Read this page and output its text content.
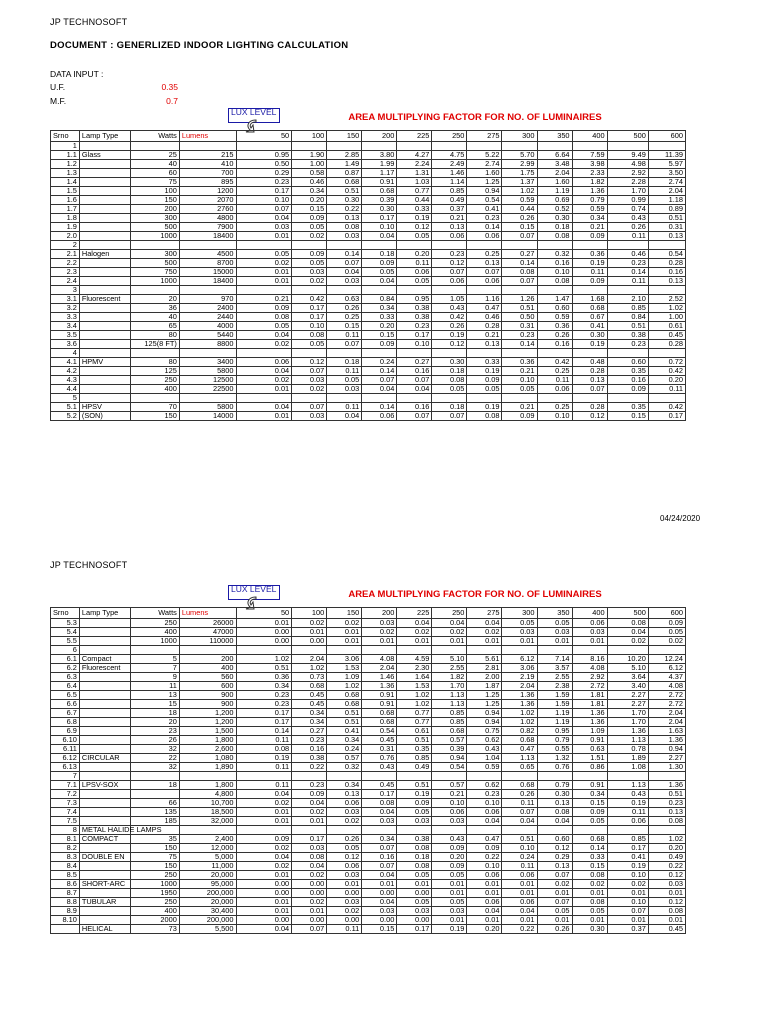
JP TECHNOSOFT
DOCUMENT : GENERLIZED INDOOR LIGHTING CALCULATION
DATA INPUT :
U.F.	0.35
M.F.	0.7
LUX LEVEL	AREA MULTIPLYING FACTOR FOR NO. OF LUMINAIRES
Srno	Lamp Type	Watts	Lumens	50	100	150	200	225	250	275	300	350	400	500	600
1															
1.1	Glass	25	215	0.95	1.90	2.85	3.80	4.27	4.75	5.22	5.70	6.64	7.59	9.49	11.39
1.2		40	410	0.50	1.00	1.49	1.99	2.24	2.49	2.74	2.99	3.48	3.98	4.98	5.97
1.3		60	700	0.29	0.58	0.87	1.17	1.31	1.46	1.60	1.75	2.04	2.33	2.92	3.50
1.4		75	895	0.23	0.46	0.68	0.91	1.03	1.14	1.25	1.37	1.60	1.82	2.28	2.74
1.5		100	1200	0.17	0.34	0.51	0.68	0.77	0.85	0.94	1.02	1.19	1.36	1.70	2.04
1.6		150	2070	0.10	0.20	0.30	0.39	0.44	0.49	0.54	0.59	0.69	0.79	0.99	1.18
1.7		200	2760	0.07	0.15	0.22	0.30	0.33	0.37	0.41	0.44	0.52	0.59	0.74	0.89
1.8		300	4800	0.04	0.09	0.13	0.17	0.19	0.21	0.23	0.26	0.30	0.34	0.43	0.51
1.9		500	7900	0.03	0.05	0.08	0.10	0.12	0.13	0.14	0.15	0.18	0.21	0.26	0.31
2.0		1000	18400	0.01	0.02	0.03	0.04	0.05	0.06	0.06	0.07	0.08	0.09	0.11	0.13
2															
2.1	Halogen	300	4500	0.05	0.09	0.14	0.18	0.20	0.23	0.25	0.27	0.32	0.36	0.46	0.54
2.2		500	8700	0.02	0.05	0.07	0.09	0.11	0.12	0.13	0.14	0.16	0.19	0.23	0.28
2.3		750	15000	0.01	0.03	0.04	0.05	0.06	0.07	0.07	0.08	0.10	0.11	0.14	0.16
2.4		1000	18400	0.01	0.02	0.03	0.04	0.05	0.06	0.06	0.07	0.08	0.09	0.11	0.13
3															
3.1	Fluorescent	20	970	0.21	0.42	0.63	0.84	0.95	1.05	1.16	1.26	1.47	1.68	2.10	2.52
3.2		36	2400	0.09	0.17	0.26	0.34	0.38	0.43	0.47	0.51	0.60	0.68	0.85	1.02
3.3		40	2440	0.08	0.17	0.25	0.33	0.38	0.42	0.46	0.50	0.59	0.67	0.84	1.00
3.4		65	4000	0.05	0.10	0.15	0.20	0.23	0.26	0.28	0.31	0.36	0.41	0.51	0.61
3.5		80	5440	0.04	0.08	0.11	0.15	0.17	0.19	0.21	0.23	0.26	0.30	0.38	0.45
3.6		125(8 FT)	8800	0.02	0.05	0.07	0.09	0.10	0.12	0.13	0.14	0.16	0.19	0.23	0.28
4															
4.1	HPMV	80	3400	0.06	0.12	0.18	0.24	0.27	0.30	0.33	0.36	0.42	0.48	0.60	0.72
4.2		125	5800	0.04	0.07	0.11	0.14	0.16	0.18	0.19	0.21	0.25	0.28	0.35	0.42
4.3		250	12500	0.02	0.03	0.05	0.07	0.07	0.08	0.09	0.10	0.11	0.13	0.16	0.20
4.4		400	22500	0.01	0.02	0.03	0.04	0.04	0.05	0.05	0.05	0.06	0.07	0.09	0.11
5															
5.1	HPSV	70	5800	0.04	0.07	0.11	0.14	0.16	0.18	0.19	0.21	0.25	0.28	0.35	0.42
5.2	(SON)	150	14000	0.01	0.03	0.04	0.06	0.07	0.07	0.08	0.09	0.10	0.12	0.15	0.17
04/24/2020
JP TECHNOSOFT
LUX LEVEL	AREA MULTIPLYING FACTOR FOR NO. OF LUMINAIRES
Srno	Lamp Type	Watts	Lumens	50	100	150	200	225	250	275	300	350	400	500	600
5.3		250	26000	0.01	0.02	0.02	0.03	0.04	0.04	0.04	0.05	0.05	0.06	0.08	0.09
5.4		400	47000	0.00	0.01	0.01	0.02	0.02	0.02	0.02	0.03	0.03	0.03	0.04	0.05
5.5		1000	110000	0.00	0.00	0.01	0.01	0.01	0.01	0.01	0.01	0.01	0.01	0.02	0.02
6															
6.1	Compact	5	200	1.02	2.04	3.06	4.08	4.59	5.10	5.61	6.12	7.14	8.16	10.20	12.24
6.2	Fluorescent	7	400	0.51	1.02	1.53	2.04	2.30	2.55	2.81	3.06	3.57	4.08	5.10	6.12
6.3		9	560	0.36	0.73	1.09	1.46	1.64	1.82	2.00	2.19	2.55	2.92	3.64	4.37
6.4		11	600	0.34	0.68	1.02	1.36	1.53	1.70	1.87	2.04	2.38	2.72	3.40	4.08
6.5		13	900	0.23	0.45	0.68	0.91	1.02	1.13	1.25	1.36	1.59	1.81	2.27	2.72
6.6		15	900	0.23	0.45	0.68	0.91	1.02	1.13	1.25	1.36	1.59	1.81	2.27	2.72
6.7		18	1,200	0.17	0.34	0.51	0.68	0.77	0.85	0.94	1.02	1.19	1.36	1.70	2.04
6.8		20	1,200	0.17	0.34	0.51	0.68	0.77	0.85	0.94	1.02	1.19	1.36	1.70	2.04
6.9		23	1,500	0.14	0.27	0.41	0.54	0.61	0.68	0.75	0.82	0.95	1.09	1.36	1.63
6.10		26	1,800	0.11	0.23	0.34	0.45	0.51	0.57	0.62	0.68	0.79	0.91	1.13	1.36
6.11		32	2,600	0.08	0.16	0.24	0.31	0.35	0.39	0.43	0.47	0.55	0.63	0.78	0.94
6.12	CIRCULAR	22	1,080	0.19	0.38	0.57	0.76	0.85	0.94	1.04	1.13	1.32	1.51	1.89	2.27
6.13		32	1,890	0.11	0.22	0.32	0.43	0.49	0.54	0.59	0.65	0.76	0.86	1.08	1.30
7															
7.1	LPSV-SOX	18	1,800	0.11	0.23	0.34	0.45	0.51	0.57	0.62	0.68	0.79	0.91	1.13	1.36
7.2			4,800	0.04	0.09	0.13	0.17	0.19	0.21	0.23	0.26	0.30	0.34	0.43	0.51
7.3		66	10,700	0.02	0.04	0.06	0.08	0.09	0.10	0.10	0.11	0.13	0.15	0.19	0.23
7.4		135	18,500	0.01	0.02	0.03	0.04	0.05	0.06	0.06	0.07	0.08	0.09	0.11	0.13
7.5		185	32,000	0.01	0.01	0.02	0.03	0.03	0.03	0.04	0.04	0.04	0.05	0.06	0.08
8	METAL HALIDE LAMPS														
8.1	COMPACT	35	2,400	0.09	0.17	0.26	0.34	0.38	0.43	0.47	0.51	0.60	0.68	0.85	1.02
8.2		150	12,000	0.02	0.03	0.05	0.07	0.08	0.09	0.09	0.10	0.12	0.14	0.17	0.20
8.3	DOUBLE EN	75	5,000	0.04	0.08	0.12	0.16	0.18	0.20	0.22	0.24	0.29	0.33	0.41	0.49
8.4		150	11,000	0.02	0.04	0.06	0.07	0.08	0.09	0.10	0.11	0.13	0.15	0.19	0.22
8.5		250	20,000	0.01	0.02	0.03	0.04	0.05	0.05	0.06	0.06	0.07	0.08	0.10	0.12
8.6	SHORT-ARC	1000	95,000	0.00	0.00	0.01	0.01	0.01	0.01	0.01	0.01	0.02	0.02	0.02	0.03
8.7		1950	200,000	0.00	0.00	0.00	0.00	0.00	0.01	0.01	0.01	0.01	0.01	0.01	0.01
8.8	TUBULAR	250	20,000	0.01	0.02	0.03	0.04	0.05	0.05	0.06	0.06	0.07	0.08	0.10	0.12
8.9		400	30,400	0.01	0.01	0.02	0.03	0.03	0.03	0.04	0.04	0.05	0.05	0.07	0.08
8.10		2000	200,000	0.00	0.00	0.00	0.00	0.00	0.01	0.01	0.01	0.01	0.01	0.01	0.01
	HELICAL	73	5,500	0.04	0.07	0.11	0.15	0.17	0.19	0.20	0.22	0.26	0.30	0.37	0.45
